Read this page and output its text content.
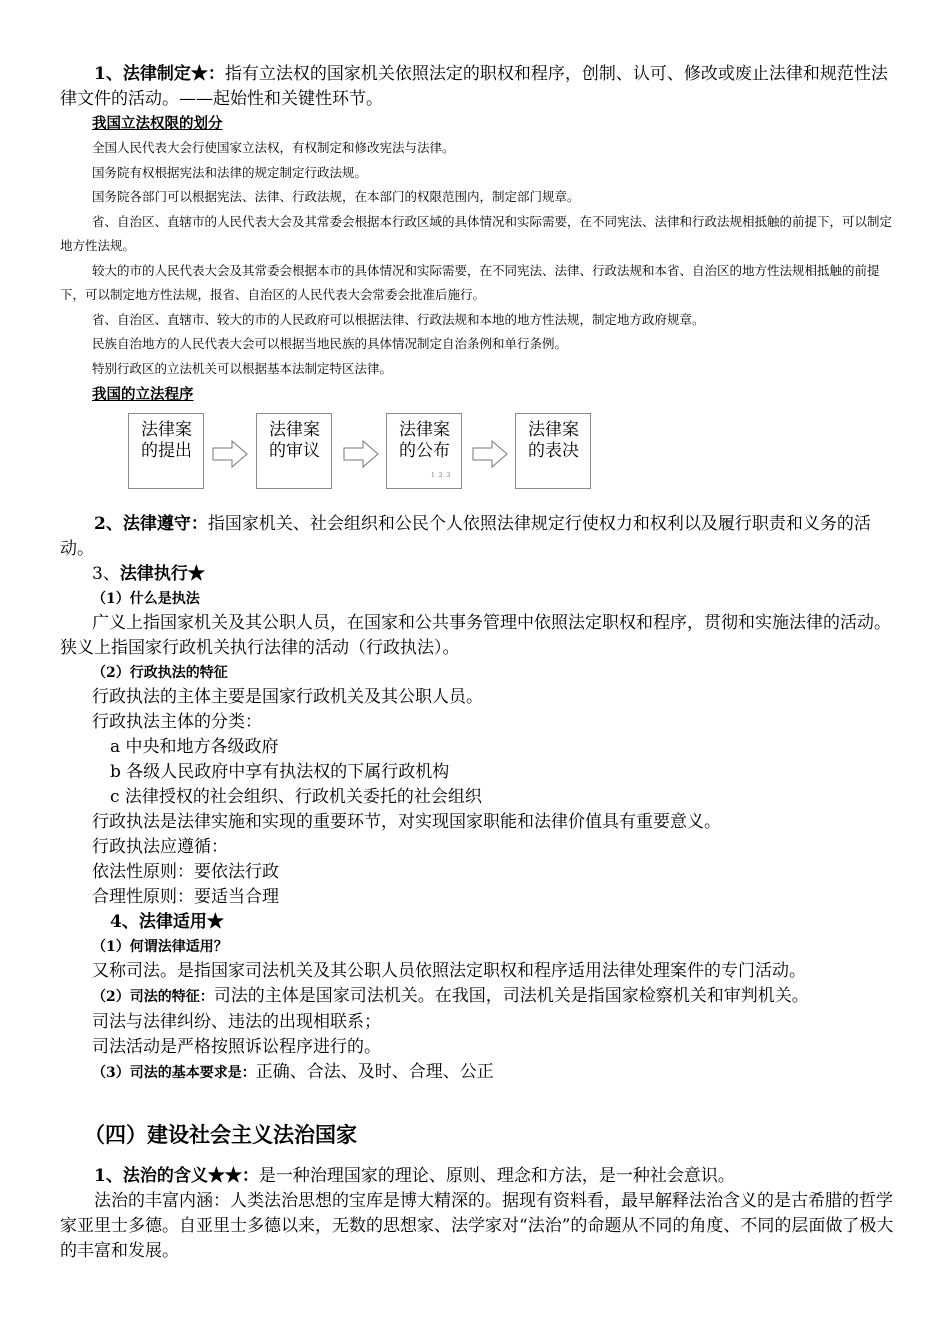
1、法律制定★：指有立法权的国家机关依照法定的职权和程序，创制、认可、修改或废止法律和规范性法律文件的活动。——起始性和关键性环节。

我国立法权限的划分

全国人民代表大会行使国家立法权，有权制定和修改宪法与法律。

国务院有权根据宪法和法律的规定制定行政法规。

国务院各部门可以根据宪法、法律、行政法规，在本部门的权限范围内，制定部门规章。

省、自治区、直辖市的人民代表大会及其常委会根据本行政区域的具体情况和实际需要，在不同宪法、法律和行政法规相抵触的前提下，可以制定地方性法规。

较大的市的人民代表大会及其常委会根据本市的具体情况和实际需要，在不同宪法、法律、行政法规和本省、自治区的地方性法规相抵触的前提下，可以制定地方性法规，报省、自治区的人民代表大会常委会批准后施行。

省、自治区、直辖市、较大的市的人民政府可以根据法律、行政法规和本地的地方性法规，制定地方政府规章。

民族自治地方的人民代表大会可以根据当地民族的具体情况制定自治条例和单行条例。

特别行政区的立法机关可以根据基本法制定特区法律。

我国的立法程序

法律案的提出
法律案的审议
法律案的公布
1 2 3
法律案的表决

2、法律遵守：指国家机关、社会组织和公民个人依照法律规定行使权力和权利以及履行职责和义务的活动。

3、法律执行★

（1）什么是执法

广义上指国家机关及其公职人员，在国家和公共事务管理中依照法定职权和程序，贯彻和实施法律的活动。狭义上指国家行政机关执行法律的活动（行政执法）。

（2）行政执法的特征

行政执法的主体主要是国家行政机关及其公职人员。

行政执法主体的分类：

a 中央和地方各级政府

b 各级人民政府中享有执法权的下属行政机构

c 法律授权的社会组织、行政机关委托的社会组织

行政执法是法律实施和实现的重要环节，对实现国家职能和法律价值具有重要意义。

行政执法应遵循：

依法性原则：要依法行政

合理性原则：要适当合理

4、法律适用★

（1）何谓法律适用？

又称司法。是指国家司法机关及其公职人员依照法定职权和程序适用法律处理案件的专门活动。

（2）司法的特征：司法的主体是国家司法机关。在我国，司法机关是指国家检察机关和审判机关。

司法与法律纠纷、违法的出现相联系；

司法活动是严格按照诉讼程序进行的。

（3）司法的基本要求是：正确、合法、及时、合理、公正

（四）建设社会主义法治国家

1、法治的含义★★：是一种治理国家的理论、原则、理念和方法，是一种社会意识。

法治的丰富内涵：人类法治思想的宝库是博大精深的。据现有资料看，最早解释法治含义的是古希腊的哲学家亚里士多德。自亚里士多德以来，无数的思想家、法学家对“法治”的命题从不同的角度、不同的层面做了极大的丰富和发展。
